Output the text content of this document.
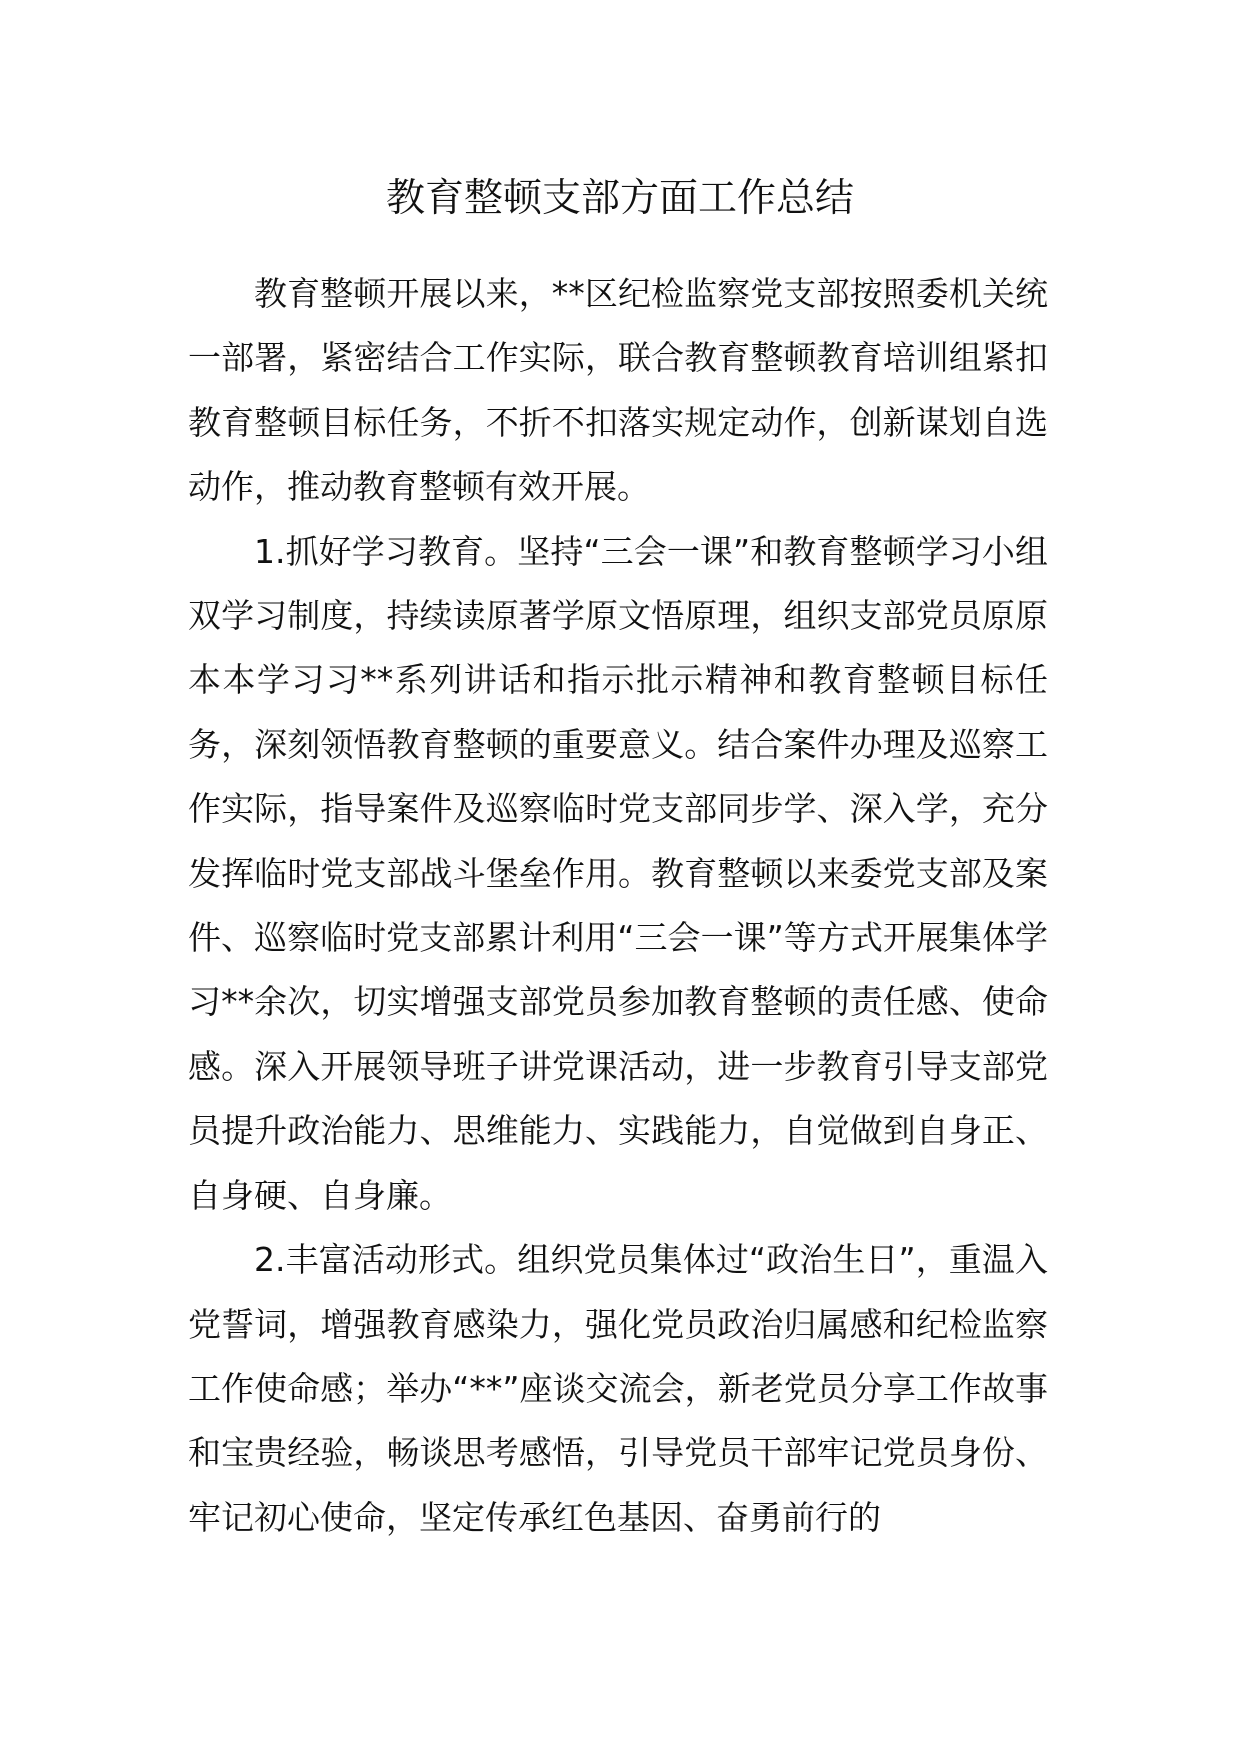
教育整顿支部方面工作总结

教育整顿开展以来，**区纪检监察党支部按照委机关统一部署，紧密结合工作实际，联合教育整顿教育培训组紧扣教育整顿目标任务，不折不扣落实规定动作，创新谋划自选动作，推动教育整顿有效开展。

1.抓好学习教育。坚持“三会一课”和教育整顿学习小组双学习制度，持续读原著学原文悟原理，组织支部党员原原本本学习习**系列讲话和指示批示精神和教育整顿目标任务，深刻领悟教育整顿的重要意义。结合案件办理及巡察工作实际，指导案件及巡察临时党支部同步学、深入学，充分发挥临时党支部战斗堡垒作用。教育整顿以来委党支部及案件、巡察临时党支部累计利用“三会一课”等方式开展集体学习**余次，切实增强支部党员参加教育整顿的责任感、使命感。深入开展领导班子讲党课活动，进一步教育引导支部党员提升政治能力、思维能力、实践能力，自觉做到自身正、自身硬、自身廉。

2.丰富活动形式。组织党员集体过“政治生日”，重温入党誓词，增强教育感染力，强化党员政治归属感和纪检监察工作使命感；举办“**”座谈交流会，新老党员分享工作故事和宝贵经验，畅谈思考感悟，引导党员干部牢记党员身份、牢记初心使命，坚定传承红色基因、奋勇前行的
